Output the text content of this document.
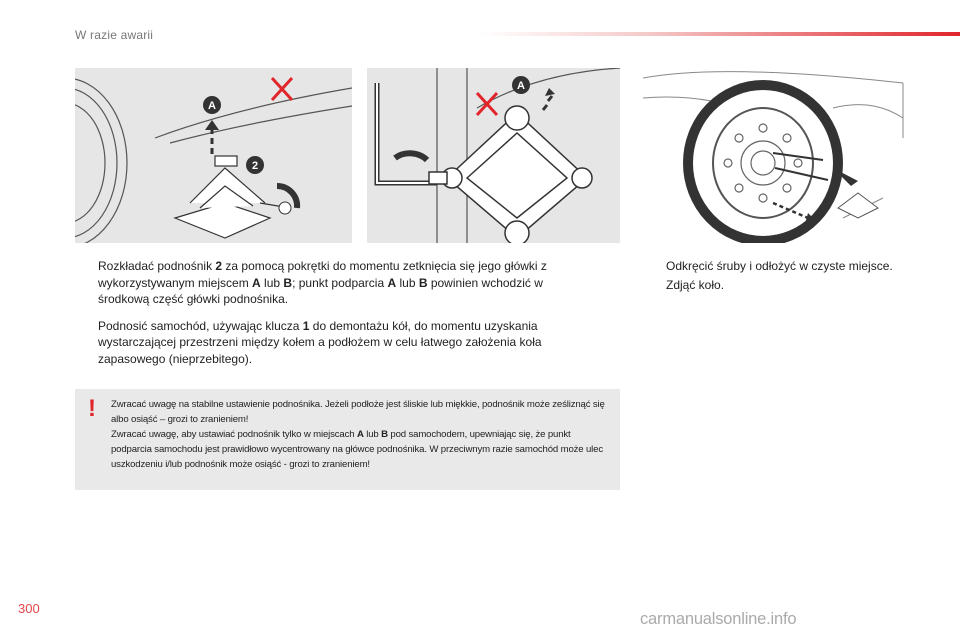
W razie awarii
A
2
A
Rozkładać podnośnik 2 za pomocą pokrętki do momentu zetknięcia się jego główki z wykorzystywanym miejscem A lub B; punkt podparcia A lub B powinien wchodzić w środkową część główki podnośnika.
Podnosić samochód, używając klucza 1 do demontażu kół, do momentu uzyskania wystarczającej przestrzeni między kołem a podłożem w celu łatwego założenia koła zapasowego (nieprzebitego).
Odkręcić śruby i odłożyć w czyste miejsce.
Zdjąć koło.
! Zwracać uwagę na stabilne ustawienie podnośnika. Jeżeli podłoże jest śliskie lub miękkie, podnośnik może ześliznąć się albo osiąść – grozi to zranieniem!
Zwracać uwagę, aby ustawiać podnośnik tylko w miejscach A lub B pod samochodem, upewniając się, że punkt podparcia samochodu jest prawidłowo wycentrowany na główce podnośnika. W przeciwnym razie samochód może ulec uszkodzeniu i/lub podnośnik może osiąść - grozi to zranieniem!
300
carmanualsonline.info
